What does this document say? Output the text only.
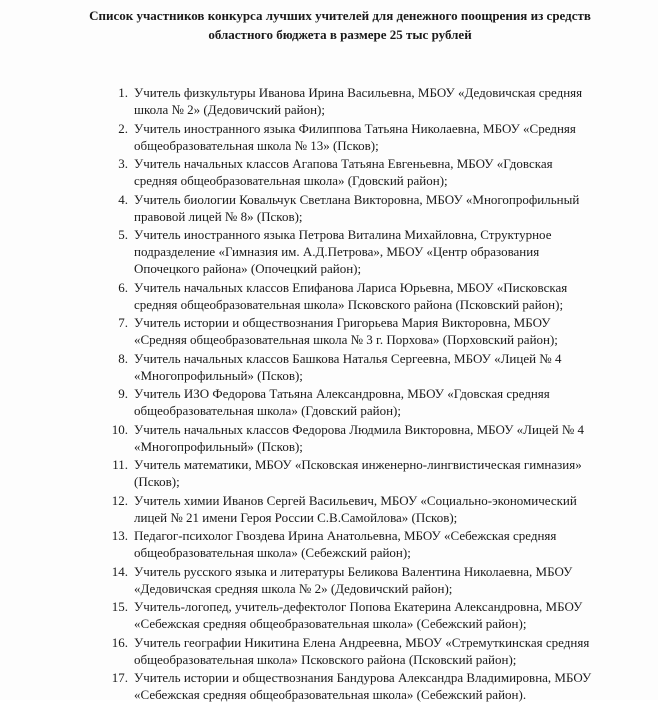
Список участников конкурса лучших учителей для денежного поощрения из средств
областного бюджета в размере 25 тыс рублей
1. Учитель физкультуры Иванова Ирина Васильевна, МБОУ «Дедовичская средняя
школа № 2» (Дедовичский район);
2. Учитель иностранного языка Филиппова Татьяна Николаевна, МБОУ «Средняя
общеобразовательная школа № 13» (Псков);
3. Учитель начальных классов Агапова Татьяна Евгеньевна, МБОУ «Гдовская
средняя общеобразовательная школа» (Гдовский район);
4. Учитель биологии Ковальчук Светлана Викторовна, МБОУ «Многопрофильный
правовой лицей № 8» (Псков);
5. Учитель иностранного языка Петрова Виталина Михайловна, Структурное
подразделение «Гимназия им. А.Д.Петрова», МБОУ «Центр образования
Опочецкого района» (Опочецкий район);
6. Учитель начальных классов Епифанова Лариса Юрьевна, МБОУ «Писковская
средняя общеобразовательная школа» Псковского района (Псковский район);
7. Учитель истории и обществознания Григорьева Мария Викторовна, МБОУ
«Средняя общеобразовательная школа № 3 г. Порхова» (Порховский район);
8. Учитель начальных классов Башкова Наталья Сергеевна, МБОУ «Лицей № 4
«Многопрофильный» (Псков);
9. Учитель ИЗО Федорова Татьяна Александровна, МБОУ «Гдовская средняя
общеобразовательная школа» (Гдовский район);
10. Учитель начальных классов Федорова Людмила Викторовна, МБОУ «Лицей № 4
«Многопрофильный» (Псков);
11. Учитель математики, МБОУ «Псковская инженерно-лингвистическая гимназия»
(Псков);
12. Учитель химии Иванов Сергей Васильевич, МБОУ «Социально-экономический
лицей № 21 имени Героя России С.В.Самойлова» (Псков);
13. Педагог-психолог Гвоздева Ирина Анатольевна, МБОУ «Себежская средняя
общеобразовательная школа» (Себежский район);
14. Учитель русского языка и литературы Беликова Валентина Николаевна, МБОУ
«Дедовичская средняя школа № 2» (Дедовичский район);
15. Учитель-логопед, учитель-дефектолог Попова Екатерина Александровна, МБОУ
«Себежская средняя общеобразовательная школа» (Себежский район);
16. Учитель географии Никитина Елена Андреевна, МБОУ «Стремуткинская средняя
общеобразовательная школа» Псковского района (Псковский район);
17. Учитель истории и обществознания Бандурова Александра Владимировна, МБОУ
«Себежская средняя общеобразовательная школа» (Себежский район).
